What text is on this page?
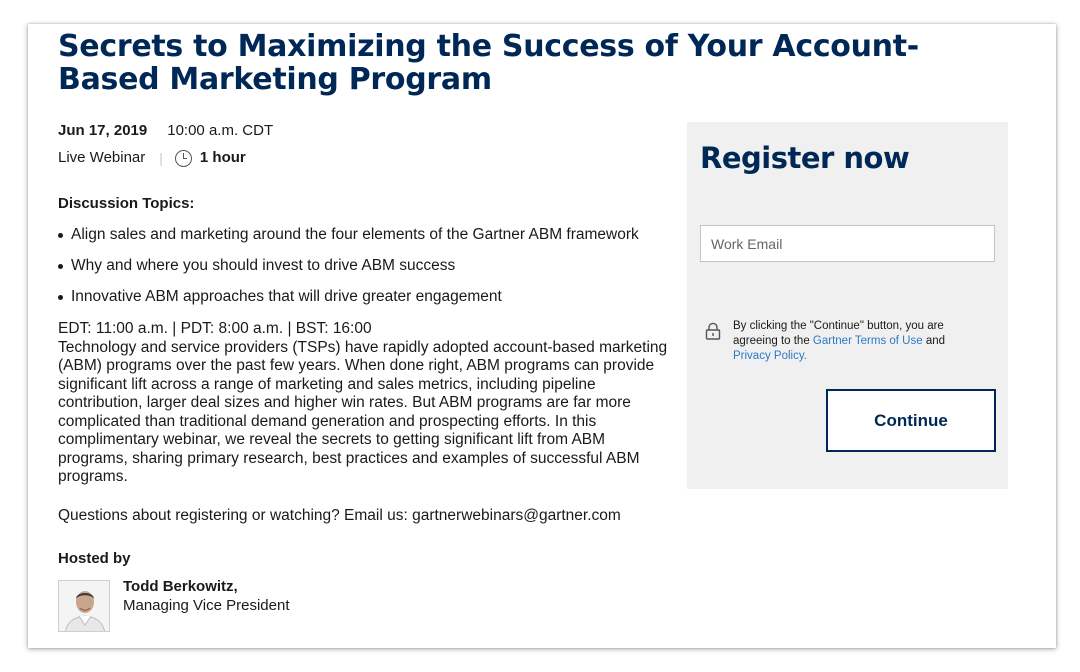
Secrets to Maximizing the Success of Your Account-Based Marketing Program
Jun 17, 2019 10:00 a.m. CDT
Live Webinar | 1 hour
Discussion Topics:
Align sales and marketing around the four elements of the Gartner ABM framework
Why and where you should invest to drive ABM success
Innovative ABM approaches that will drive greater engagement
EDT: 11:00 a.m. | PDT: 8:00 a.m. | BST: 16:00
Technology and service providers (TSPs) have rapidly adopted account-based marketing (ABM) programs over the past few years. When done right, ABM programs can provide significant lift across a range of marketing and sales metrics, including pipeline contribution, larger deal sizes and higher win rates. But ABM programs are far more complicated than traditional demand generation and prospecting efforts. In this complimentary webinar, we reveal the secrets to getting significant lift from ABM programs, sharing primary research, best practices and examples of successful ABM programs.
Questions about registering or watching? Email us: gartnerwebinars@gartner.com
Hosted by
Todd Berkowitz,
Managing Vice President
Register now
Work Email
By clicking the "Continue" button, you are agreeing to the Gartner Terms of Use and Privacy Policy.
Continue
